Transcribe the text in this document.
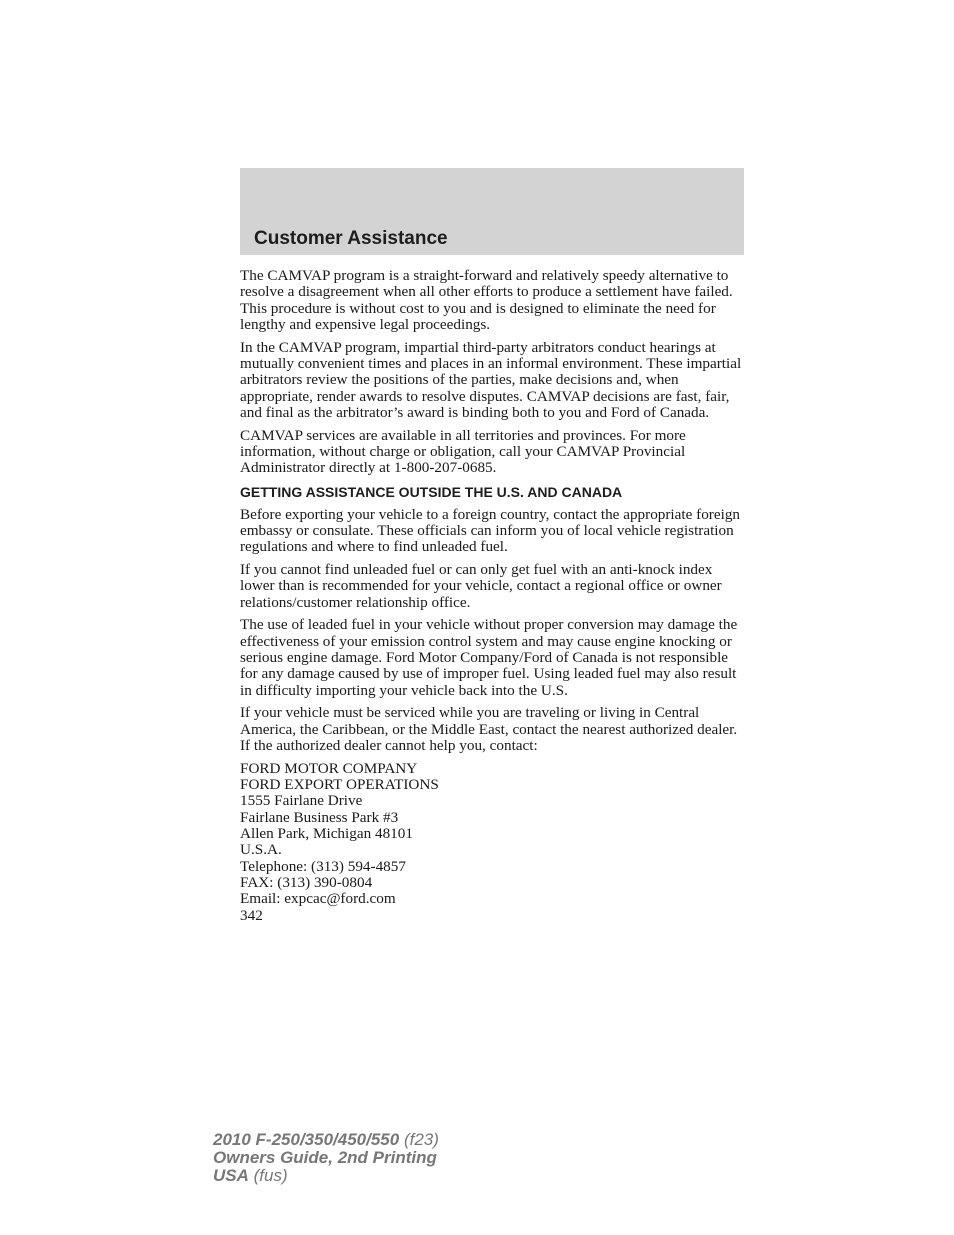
Customer Assistance

The CAMVAP program is a straight-forward and relatively speedy alternative to resolve a disagreement when all other efforts to produce a settlement have failed. This procedure is without cost to you and is designed to eliminate the need for lengthy and expensive legal proceedings.

In the CAMVAP program, impartial third-party arbitrators conduct hearings at mutually convenient times and places in an informal environment. These impartial arbitrators review the positions of the parties, make decisions and, when appropriate, render awards to resolve disputes. CAMVAP decisions are fast, fair, and final as the arbitrator’s award is binding both to you and Ford of Canada.

CAMVAP services are available in all territories and provinces. For more information, without charge or obligation, call your CAMVAP Provincial Administrator directly at 1-800-207-0685.

GETTING ASSISTANCE OUTSIDE THE U.S. AND CANADA

Before exporting your vehicle to a foreign country, contact the appropriate foreign embassy or consulate. These officials can inform you of local vehicle registration regulations and where to find unleaded fuel.

If you cannot find unleaded fuel or can only get fuel with an anti-knock index lower than is recommended for your vehicle, contact a regional office or owner relations/customer relationship office.

The use of leaded fuel in your vehicle without proper conversion may damage the effectiveness of your emission control system and may cause engine knocking or serious engine damage. Ford Motor Company/Ford of Canada is not responsible for any damage caused by use of improper fuel. Using leaded fuel may also result in difficulty importing your vehicle back into the U.S.

If your vehicle must be serviced while you are traveling or living in Central America, the Caribbean, or the Middle East, contact the nearest authorized dealer. If the authorized dealer cannot help you, contact:

FORD MOTOR COMPANY
FORD EXPORT OPERATIONS
1555 Fairlane Drive
Fairlane Business Park #3
Allen Park, Michigan 48101
U.S.A.
Telephone: (313) 594-4857
FAX: (313) 390-0804
Email: expcac@ford.com
342
2010 F-250/350/450/550 (f23)
Owners Guide, 2nd Printing
USA (fus)
